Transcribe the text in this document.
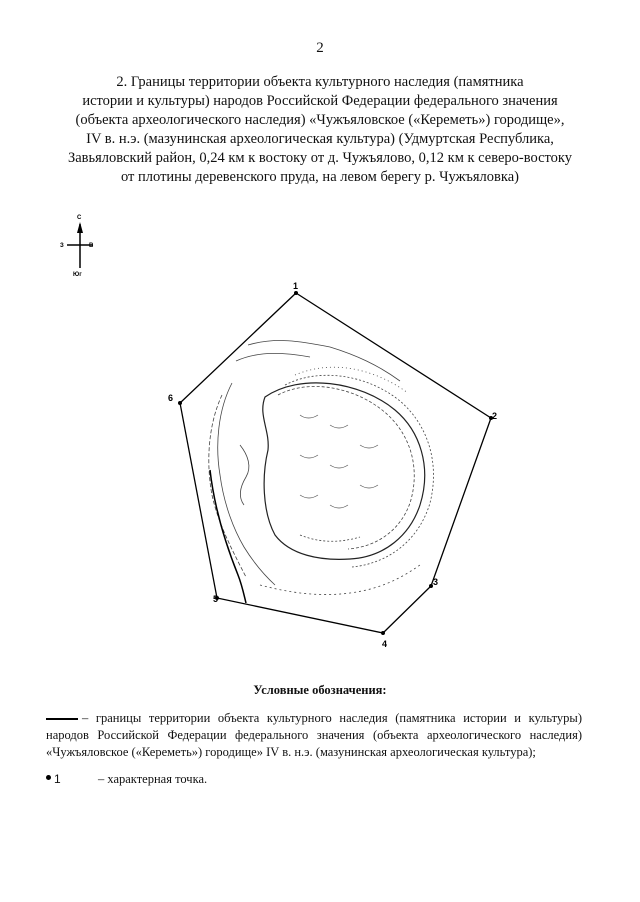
2
2. Границы территории объекта культурного наследия (памятника
истории и культуры) народов Российской Федерации федерального значения
(объекта археологического наследия) «Чужъяловское («Кереметь») городище»,
IV в. н.э. (мазунинская археологическая культура) (Удмуртская Республика,
Завьяловский район, 0,24 км к востоку от д. Чужъялово, 0,12 км к северо-востоку
от плотины деревенского пруда, на левом берегу р. Чужъяловка)
С
З	В
Юг
1
2
3
4
5
6
Условные обозначения:
– границы территории объекта культурного наследия (памятника истории и культуры) народов Российской Федерации федерального значения (объекта археологического наследия) «Чужъяловское («Кереметь») городище» IV в. н.э. (мазунинская археологическая культура);
1	– характерная точка.
